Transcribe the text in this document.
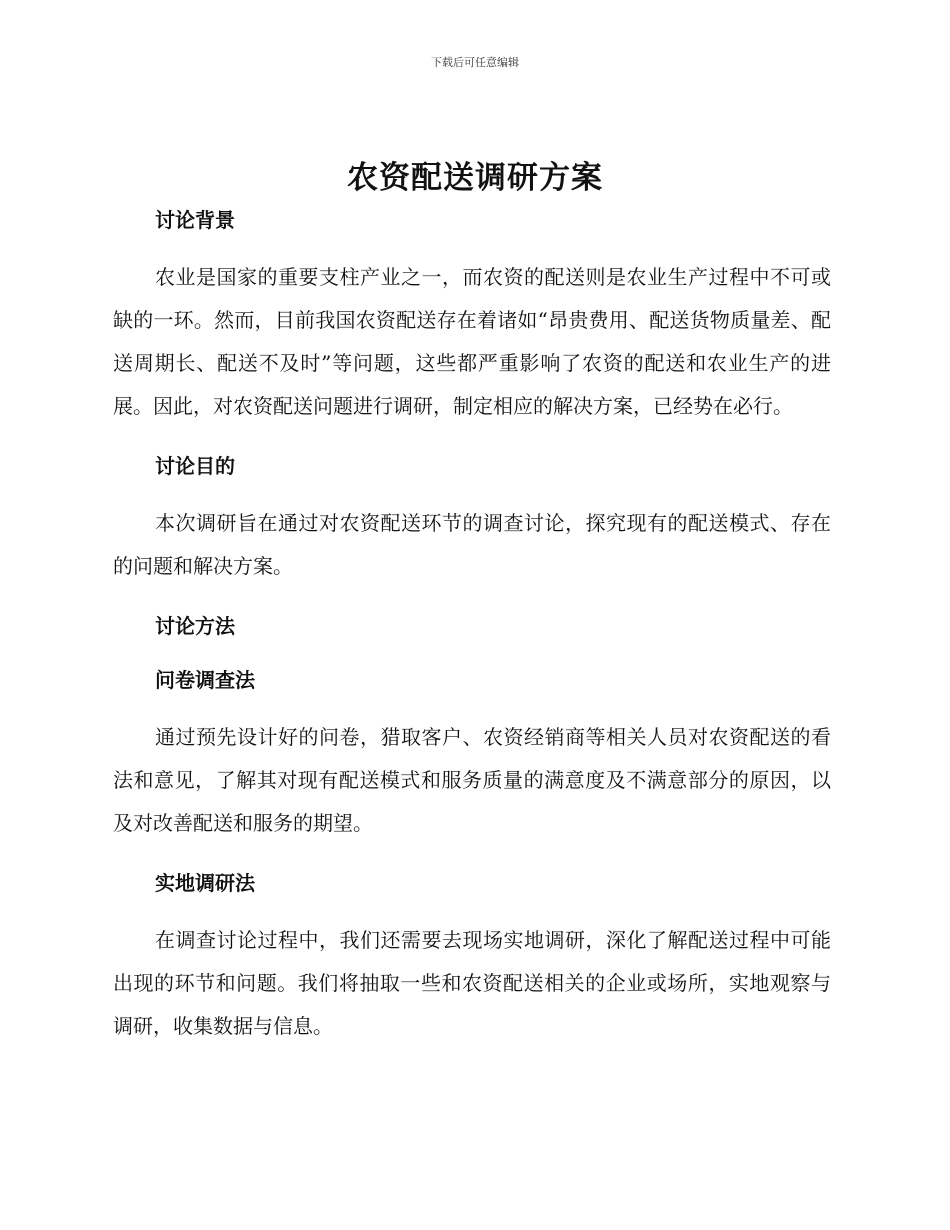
下载后可任意编辑
农资配送调研方案
讨论背景

农业是国家的重要支柱产业之一，而农资的配送则是农业生产过程中不可或缺的一环。然而，目前我国农资配送存在着诸如“昂贵费用、配送货物质量差、配送周期长、配送不及时”等问题，这些都严重影响了农资的配送和农业生产的进展。因此，对农资配送问题进行调研，制定相应的解决方案，已经势在必行。

讨论目的

本次调研旨在通过对农资配送环节的调查讨论，探究现有的配送模式、存在的问题和解决方案。

讨论方法
问卷调查法

通过预先设计好的问卷，猎取客户、农资经销商等相关人员对农资配送的看法和意见，了解其对现有配送模式和服务质量的满意度及不满意部分的原因，以及对改善配送和服务的期望。

实地调研法

在调查讨论过程中，我们还需要去现场实地调研，深化了解配送过程中可能出现的环节和问题。我们将抽取一些和农资配送相关的企业或场所，实地观察与调研，收集数据与信息。
